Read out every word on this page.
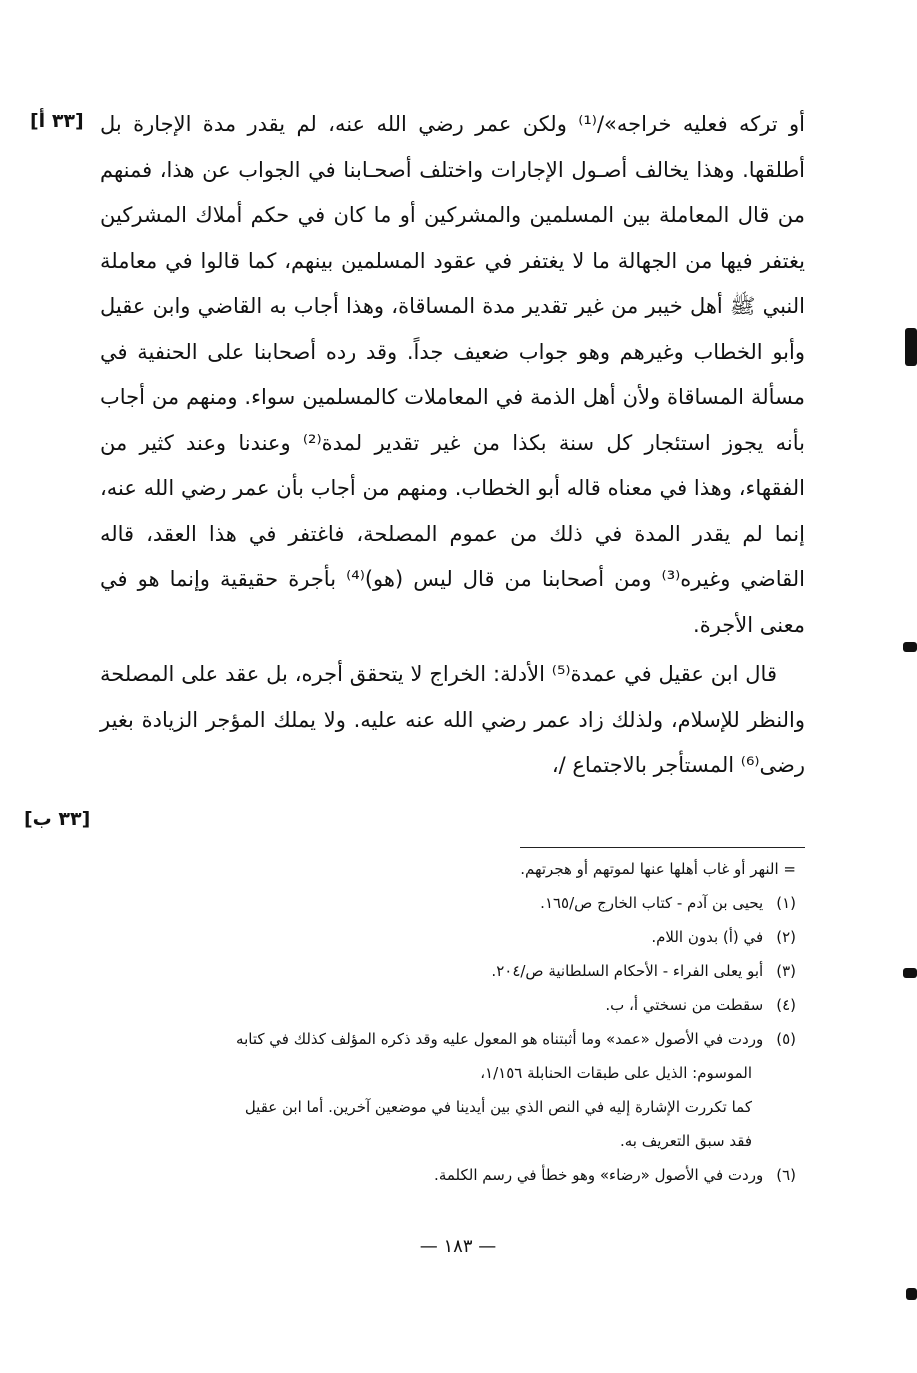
[٣٣ أ]
[٣٣ ب]

أو تركه فعليه خراجه»/⁽¹⁾ ولكن عمر رضي الله عنه، لم يقدر مدة الإجارة بل أطلقها. وهذا يخالف أصـول الإجارات واختلف أصحـابنا في الجواب عن هذا، فمنهم من قال المعاملة بين المسلمين والمشركين أو ما كان في حكم أملاك المشركين يغتفر فيها من الجهالة ما لا يغتفر في عقود المسلمين بينهم، كما قالوا في معاملة النبي ﷺ أهل خيبر من غير تقدير مدة المساقاة، وهذا أجاب به القاضي وابن عقيل وأبو الخطاب وغيرهم وهو جواب ضعيف جداً. وقد رده أصحابنا على الحنفية في مسألة المساقاة ولأن أهل الذمة في المعاملات كالمسلمين سواء. ومنهم من أجاب بأنه يجوز استئجار كل سنة بكذا من غير تقدير لمدة⁽²⁾ وعندنا وعند كثير من الفقهاء، وهذا في معناه قاله أبو الخطاب. ومنهم من أجاب بأن عمر رضي الله عنه، إنما لم يقدر المدة في ذلك من عموم المصلحة، فاغتفر في هذا العقد، قاله القاضي وغيره⁽³⁾ ومن أصحابنا من قال ليس (هو)⁽⁴⁾ بأجرة حقيقية وإنما هو في معنى الأجرة.

قال ابن عقيل في عمدة⁽⁵⁾ الأدلة: الخراج لا يتحقق أجره، بل عقد على المصلحة والنظر للإسلام، ولذلك زاد عمر رضي الله عنه عليه. ولا يملك المؤجر الزيادة بغير رضى⁽⁶⁾ المستأجر بالاجتماع /،

= النهر أو غاب أهلها عنها لموتهم أو هجرتهم.

(١) يحيى بن آدم - كتاب الخارج ص/١٦٥.

(٢) في (أ) بدون اللام.

(٣) أبو يعلى الفراء - الأحكام السلطانية ص/٢٠٤.

(٤) سقطت من نسختي أ، ب.

(٥) وردت في الأصول «عمد» وما أثبتناه هو المعول عليه وقد ذكره المؤلف كذلك في كتابه

الموسوم: الذيل على طبقات الحنابلة ١/١٥٦،

كما تكررت الإشارة إليه في النص الذي بين أيدينا في موضعين آخرين. أما ابن عقيل

فقد سبق التعريف به.

(٦) وردت في الأصول «رضاء» وهو خطأ في رسم الكلمة.

— ١٨٣ —
